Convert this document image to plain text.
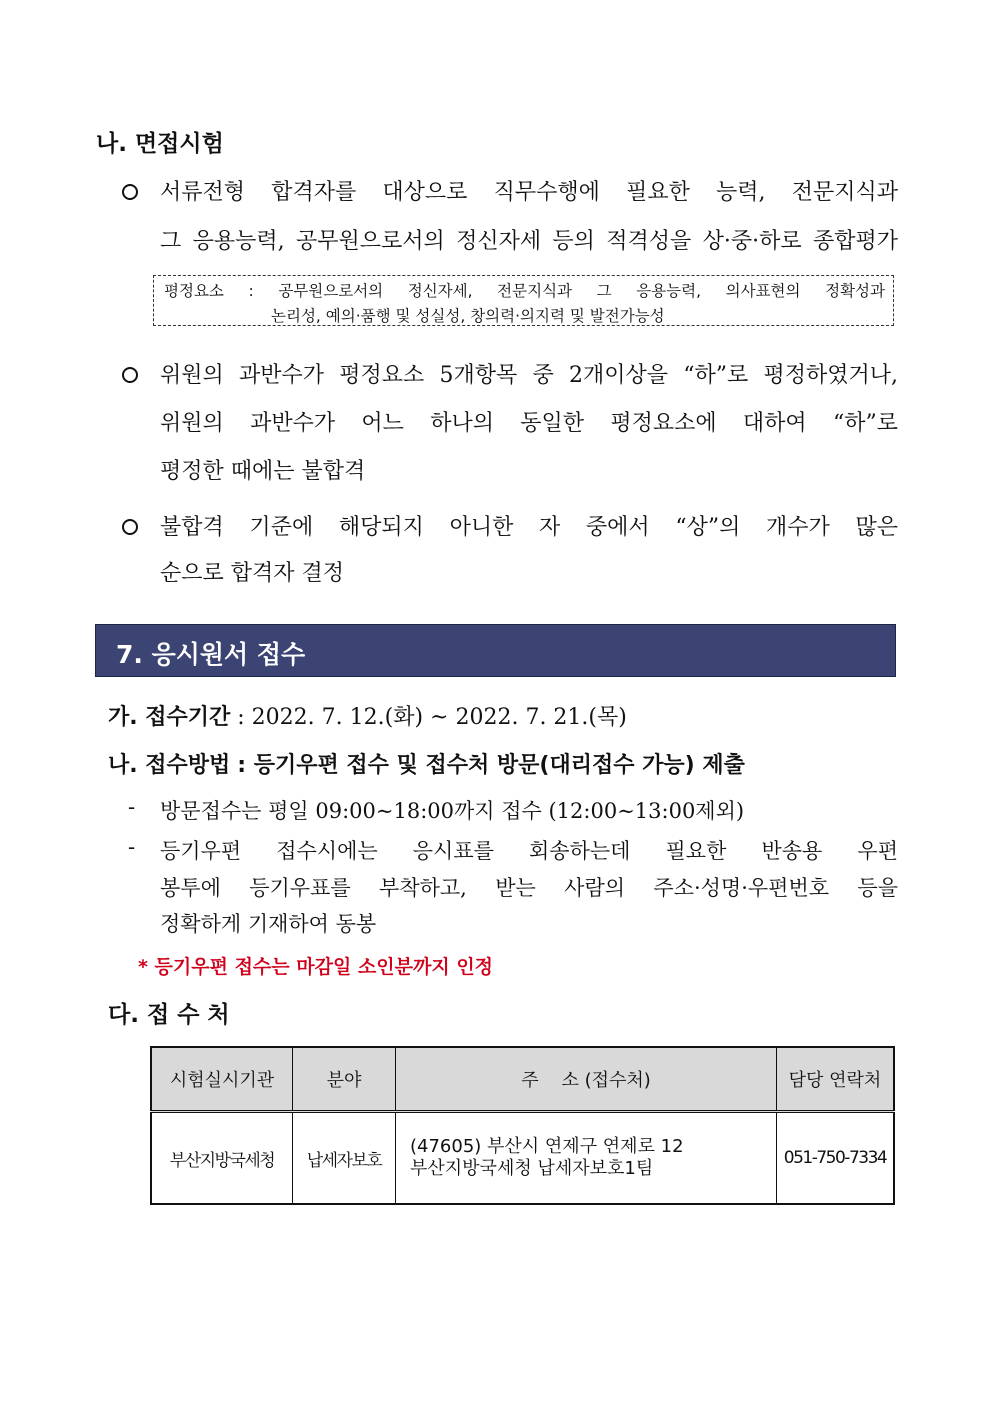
나. 면접시험
서류전형 합격자를 대상으로 직무수행에 필요한 능력, 전문지식과
그 응용능력, 공무원으로서의 정신자세 등의 적격성을 상·중·하로 종합평가
평정요소 : 공무원으로서의 정신자세, 전문지식과 그 응용능력, 의사표현의 정확성과
논리성, 예의·품행 및 성실성, 창의력·의지력 및 발전가능성
위원의 과반수가 평정요소 5개항목 중 2개이상을 “하”로 평정하였거나,
위원의 과반수가 어느 하나의 동일한 평정요소에 대하여 “하”로
평정한 때에는 불합격
불합격 기준에 해당되지 아니한 자 중에서 “상”의 개수가 많은
순으로 합격자 결정
7. 응시원서 접수
가. 접수기간 : 2022. 7. 12.(화) ~ 2022. 7. 21.(목)
나. 접수방법 : 등기우편 접수 및 접수처 방문(대리접수 가능) 제출
- 방문접수는 평일 09:00∼18:00까지 접수 (12:00∼13:00제외)
- 등기우편 접수시에는 응시표를 회송하는데 필요한 반송용 우편
봉투에 등기우표를 부착하고, 받는 사람의 주소·성명·우편번호 등을
정확하게 기재하여 동봉
* 등기우편 접수는 마감일 소인분까지 인정
다. 접 수 처
시험실시기관	분야	주    소 (접수처)	담당 연락처
부산지방국세청	납세자보호	(47605) 부산시 연제구 연제로 12
부산지방국세청 납세자보호1팀	051-750-7334
